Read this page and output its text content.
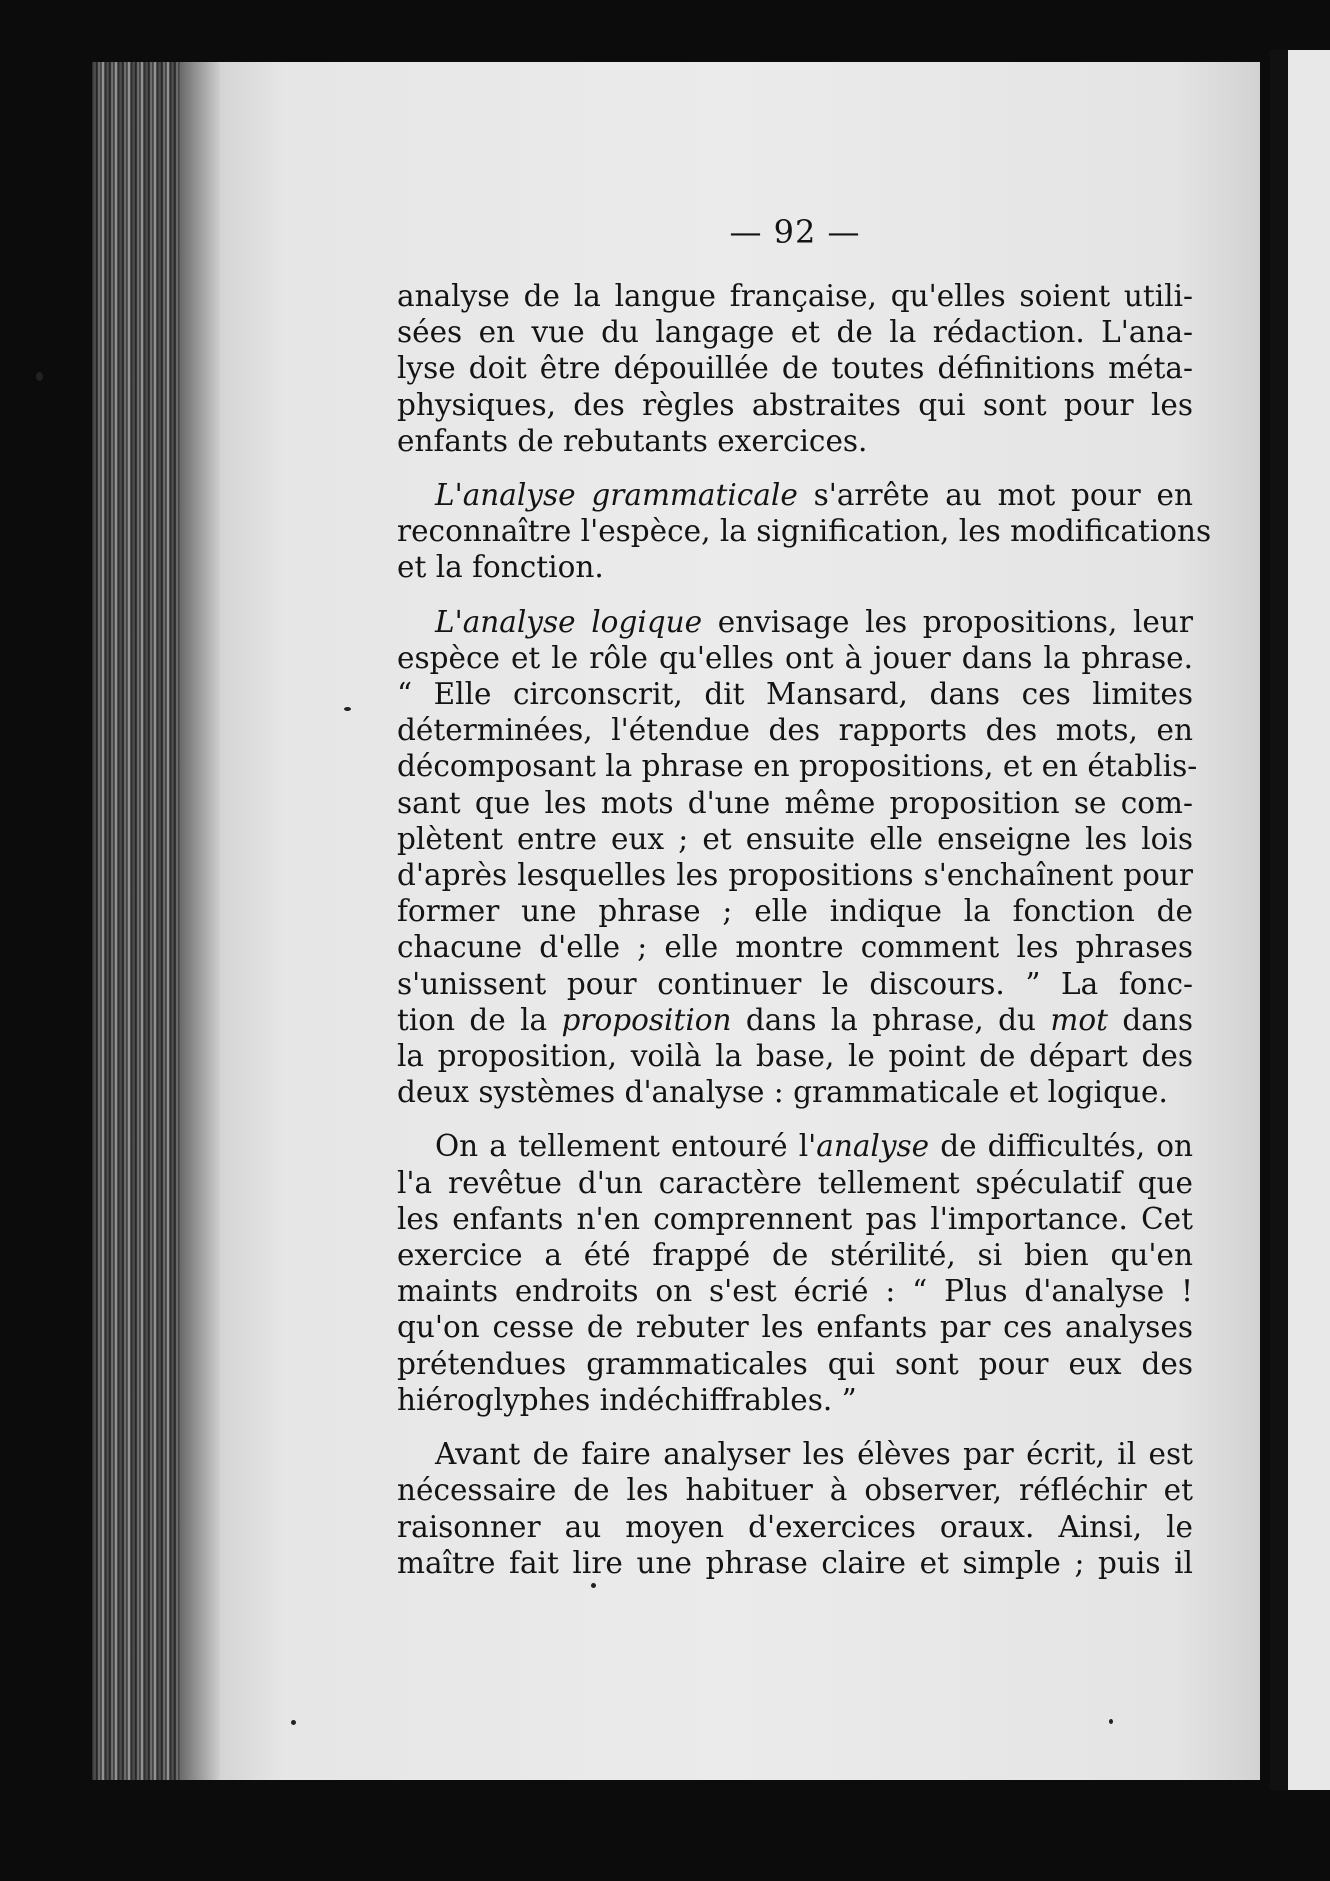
— 92 —

analyse de la langue française, qu'elles soient utili-
sées en vue du langage et de la rédaction. L'ana-
lyse doit être dépouillée de toutes définitions méta-
physiques, des règles abstraites qui sont pour les
enfants de rebutants exercices.

L'analyse grammaticale s'arrête au mot pour en
reconnaître l'espèce, la signification, les modifications
et la fonction.

L'analyse logique envisage les propositions, leur
espèce et le rôle qu'elles ont à jouer dans la phrase.
“ Elle circonscrit, dit Mansard, dans ces limites
déterminées, l'étendue des rapports des mots, en
décomposant la phrase en propositions, et en établis-
sant que les mots d'une même proposition se com-
plètent entre eux ; et ensuite elle enseigne les lois
d'après lesquelles les propositions s'enchaînent pour
former une phrase ; elle indique la fonction de
chacune d'elle ; elle montre comment les phrases
s'unissent pour continuer le discours. ” La fonc-
tion de la proposition dans la phrase, du mot dans
la proposition, voilà la base, le point de départ des
deux systèmes d'analyse : grammaticale et logique.

On a tellement entouré l'analyse de difficultés, on
l'a revêtue d'un caractère tellement spéculatif que
les enfants n'en comprennent pas l'importance. Cet
exercice a été frappé de stérilité, si bien qu'en
maints endroits on s'est écrié : “ Plus d'analyse !
qu'on cesse de rebuter les enfants par ces analyses
prétendues grammaticales qui sont pour eux des
hiéroglyphes indéchiffrables. ”

Avant de faire analyser les élèves par écrit, il est
nécessaire de les habituer à observer, réfléchir et
raisonner au moyen d'exercices oraux. Ainsi, le
maître fait lire une phrase claire et simple ; puis il
